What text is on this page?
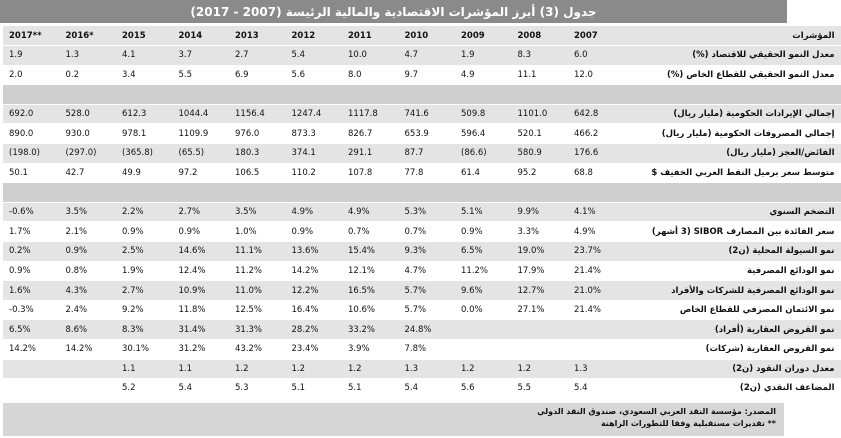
جدول (3) أبرز المؤشرات الاقتصادية والمالية الرئيسة (2007 - 2017)
المؤشرات	2007	2008	2009	2010	2011	2012	2013	2014	2015	2016*	2017**
معدل النمو الحقيقي للاقتصاد (%)	6.0	8.3	1.9	4.7	10.0	5.4	2.7	3.7	4.1	1.3	1.9
معدل النمو الحقيقي للقطاع الخاص (%)	12.0	11.1	4.9	9.7	8.0	5.6	6.9	5.5	3.4	0.2	2.0

إجمالي الإيرادات الحكومية (مليار ريال)	642.8	1101.0	509.8	741.6	1117.8	1247.4	1156.4	1044.4	612.3	528.0	692.0
إجمالي المصروفات الحكومية (مليار ريال)	466.2	520.1	596.4	653.9	826.7	873.3	976.0	1109.9	978.1	930.0	890.0
الفائض/العجز (مليار ريال)	176.6	580.9	(86.6)	87.7	291.1	374.1	180.3	(65.5)	(365.8)	(297.0)	(198.0)
متوسط سعر برميل النفط العربي الخفيف $	68.8	95.2	61.4	77.8	107.8	110.2	106.5	97.2	49.9	42.7	50.1

التضخم السنوي	4.1%	9.9%	5.1%	5.3%	4.9%	4.9%	3.5%	2.7%	2.2%	3.5%	-0.6%
سعر الفائدة بين المصارف SIBOR (3 أشهر)	4.9%	3.3%	0.9%	0.7%	0.7%	0.9%	1.0%	0.9%	0.9%	2.1%	1.7%
نمو السيولة المحلية (ن2)	23.7%	19.0%	6.5%	9.3%	15.4%	13.6%	11.1%	14.6%	2.5%	0.9%	0.2%
نمو الودائع المصرفية	21.4%	17.9%	11.2%	4.7%	12.1%	14.2%	11.2%	12.4%	1.9%	0.8%	0.9%
نمو الودائع المصرفية للشركات والأفراد	21.0%	12.7%	9.6%	5.7%	16.5%	12.2%	11.0%	10.9%	2.7%	4.3%	1.6%
نمو الائتمان المصرفي للقطاع الخاص	21.4%	27.1%	0.0%	5.7%	10.6%	16.4%	12.5%	11.8%	9.2%	2.4%	-0.3%
نمو القروض العقارية (أفراد)				24.8%	33.2%	28.2%	31.3%	31.4%	8.3%	8.6%	6.5%
نمو القروض العقارية (شركات)				7.8%	3.9%	23.4%	43.2%	31.2%	30.1%	14.2%	14.2%
معدل دوران النقود (ن2)	1.3	1.2	1.2	1.3	1.2	1.2	1.2	1.1	1.1		
المضاعف النقدي (ن2)	5.4	5.5	5.6	5.4	5.1	5.1	5.3	5.4	5.2		
المصدر: مؤسسة النقد العربي السعودي، صندوق النقد الدولي
** تقديرات مستقبلية وفقا للتطورات الراهنة
